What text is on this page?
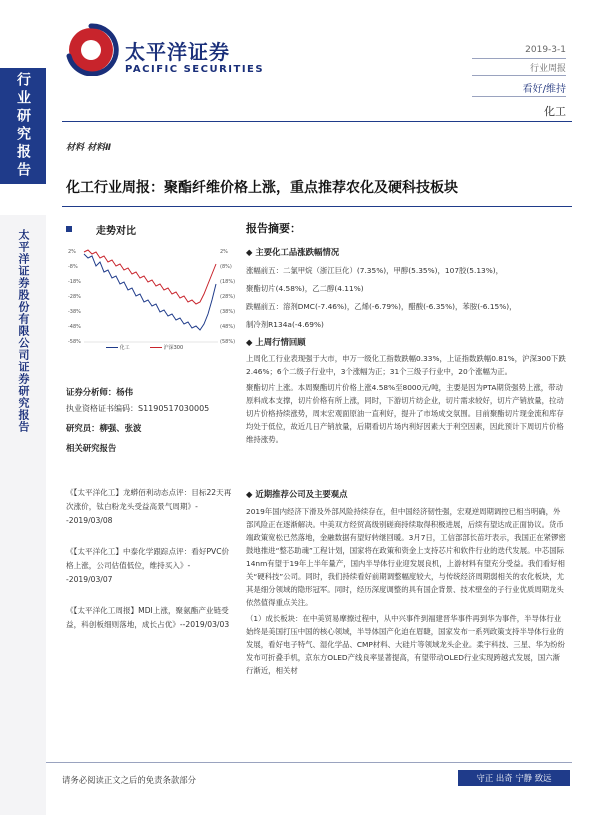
太平洋证券
PACIFIC SECURITIES
2019-3-1
行业周报
看好/维持
化工
行业研究报告
太平洋证券股份有限公司证券研究报告
材料 材料Ⅱ
化工行业周报：聚酯纤维价格上涨，重点推荐农化及硬科技板块
走势对比
2%
-8%
-18%
-28%
-38%
-48%
-58%
2%
(8%)
(18%)
(28%)
(38%)
(48%)
(58%)
化工	沪深300
证券分析师：杨伟
执业资格证书编码：S1190517030005
研究员：柳强、张波
相关研究报告
《【太平洋化工】龙蟒佰利动态点评：目标22天再次涨价，钛白粉龙头受益高景气周期》--2019/03/08
《【太平洋化工】中泰化学跟踪点评：看好PVC价格上涨，公司估值低位，维持买入》--2019/03/07
《【太平洋化工周报】MDI上涨，聚氨酯产业链受益，科创板细则落地，成长占优》--2019/03/03
报告摘要：
◆ 主要化工品涨跌幅情况

涨幅前五：二氯甲烷（浙江巨化）(7.35%)，甲醇(5.35%)，107胶(5.13%)，

聚酯切片(4.58%)，乙二醇(4.11%)

跌幅前五：溶剂DMC(-7.46%)，乙烯(-6.79%)，醋酸(-6.35%)，苯胺(-6.15%)，

制冷剂R134a(-4.69%)

◆ 上周行情回顾

上周化工行业表现强于大市，申万一级化工指数跌幅0.33%，上证指数跌幅0.81%，沪深300下跌2.46%；6个二级子行业中，3个涨幅为正；31个三级子行业中，20个涨幅为正。

聚酯切片上涨。本周聚酯切片价格上涨4.58%至8000元/吨，主要是因为PTA期货强势上涨，带动原料成本支撑，切片价格有所上涨，同时，下游切片纺企业，切片需求较好，切片产销放量，拉动切片价格持续涨势，周末宏观面原油一直利好，提升了市场成交氛围。目前聚酯切片现金流和库存均处于低位，故近几日产销放量，后期看切片场内利好因素大于利空因素，因此预计下周切片价格维持涨势。

◆ 近期推荐公司及主要观点

2019年国内经济下滑及外部风险持续存在，但中国经济韧性强，宏观逆周期调控已相当明确，外部风险正在逐渐解决。中美双方经贸高级别磋商持续取得积极进展，后续有望达成正面协议。货币端政策宽松已然落地，金融数据有望好转继回暖。3月7日，工信部部长苗圩表示，我国正在紧锣密鼓地推进“整芯助魂”工程计划，国家将在政策和资金上支持芯片和软件行业的迭代发展。中芯国际14nm有望于19年上半年量产，国内半导体行业迎发展良机，上游材料有望充分受益。我们看好相关“硬科技”公司。同时，我们持续看好前期调整幅度较大，与传统经济周期弱相关的农化板块，尤其是细分领域的隐形冠军。同时，经历深度调整的具有国企背景、技术壁垒的子行业优质周期龙头依然值得重点关注。

（1）成长板块：在中美贸易摩擦过程中，从中兴事件到福建晋华事件再到华为事件，半导体行业始终是美国打压中国的核心领域，半导体国产化迫在眉睫，国家发布一系列政策支持半导体行业的发展，看好电子特气、湿化学品、CMP材料、大硅片等领域龙头企业。柔宇科技、三星、华为纷纷发布可折叠手机，京东方OLED产线良率显著提高，有望带动OLED行业实现跨越式发展，国六渐行渐近，相关材

请务必阅读正文之后的免责条款部分	守正 出奇 宁静 致远
